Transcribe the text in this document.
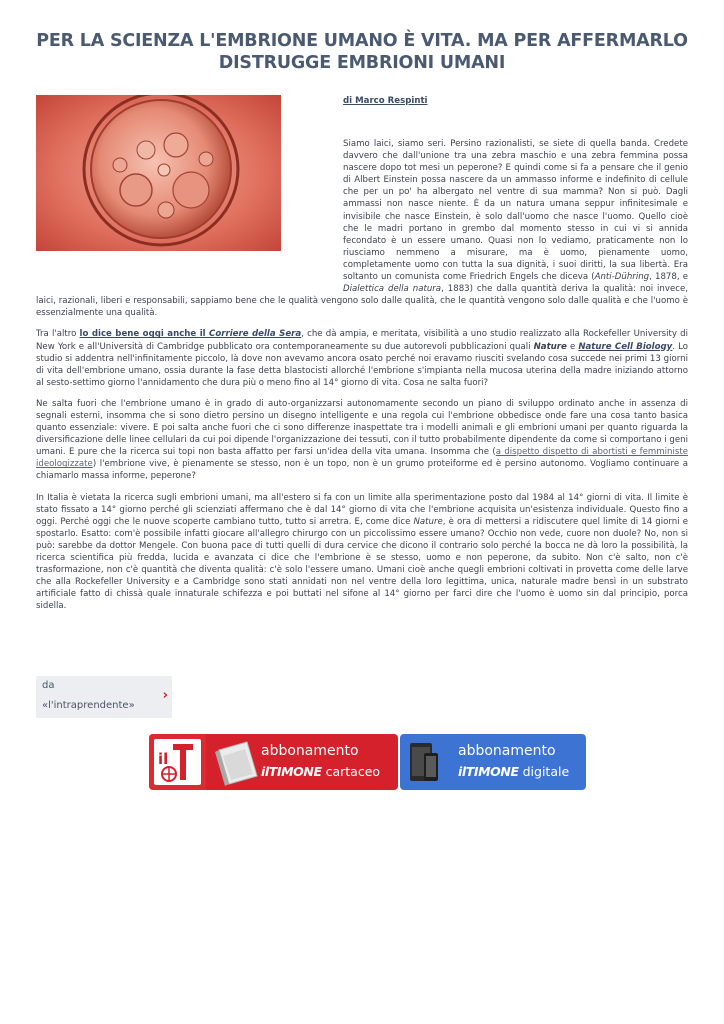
PER LA SCIENZA L'EMBRIONE UMANO È VITA. MA PER AFFERMARLO DISTRUGGE EMBRIONI UMANI
di Marco Respinti

Siamo laici, siamo seri. Persino razionalisti, se siete di quella banda. Credete davvero che dall'unione tra una zebra maschio e una zebra femmina possa nascere dopo tot mesi un peperone? E quindi come si fa a pensare che il genio di Albert Einstein possa nascere da un ammasso informe e indefinito di cellule che per un po' ha albergato nel ventre di sua mamma? Non si può. Dagli ammassi non nasce niente. È da un natura umana seppur infinitesimale e invisibile che nasce Einstein, è solo dall'uomo che nasce l'uomo. Quello cioè che le madri portano in grembo dal momento stesso in cui vi si annida fecondato è un essere umano. Quasi non lo vediamo, praticamente non lo riusciamo nemmeno a misurare, ma è uomo, pienamente uomo, completamente uomo con tutta la sua dignità, i suoi diritti, la sua libertà. Era soltanto un comunista come Friedrich Engels che diceva (Anti-Dühring, 1878, e Dialettica della natura, 1883) che dalla quantità deriva la qualità: noi invece, laici, razionali, liberi e responsabili, sappiamo bene che le qualità vengono solo dalle qualità, che le quantità vengono solo dalle qualità e che l'uomo è essenzialmente una qualità.

Tra l'altro lo dice bene oggi anche il Corriere della Sera, che dà ampia, e meritata, visibilità a uno studio realizzato alla Rockefeller University di New York e all'Università di Cambridge pubblicato ora contemporaneamente su due autorevoli pubblicazioni quali Nature e Nature Cell Biology. Lo studio si addentra nell'infinitamente piccolo, là dove non avevamo ancora osato perché noi eravamo riusciti svelando cosa succede nei primi 13 giorni di vita dell'embrione umano, ossia durante la fase detta blastocisti allorché l'embrione s'impianta nella mucosa uterina della madre iniziando attorno al sesto-settimo giorno l'annidamento che dura più o meno fino al 14° giorno di vita. Cosa ne salta fuori?

Ne salta fuori che l'embrione umano è in grado di auto-organizzarsi autonomamente secondo un piano di sviluppo ordinato anche in assenza di segnali esterni, insomma che si sono dietro persino un disegno intelligente e una regola cui l'embrione obbedisce onde fare una cosa tanto basica quanto essenziale: vivere. E poi salta anche fuori che ci sono differenze inaspettate tra i modelli animali e gli embrioni umani per quanto riguarda la diversificazione delle linee cellulari da cui poi dipende l'organizzazione dei tessuti, con il tutto probabilmente dipendente da come si comportano i geni umani. E pure che la ricerca sui topi non basta affatto per farsi un'idea della vita umana. Insomma che (a dispetto dispetto di abortisti e femministe ideologizzate) l'embrione vive, è pienamente se stesso, non è un topo, non è un grumo proteiforme ed è persino autonomo. Vogliamo continuare a chiamarlo massa informe, peperone?

In Italia è vietata la ricerca sugli embrioni umani, ma all'estero si fa con un limite alla sperimentazione posto dal 1984 al 14° giorni di vita. Il limite è stato fissato a 14° giorno perché gli scienziati affermano che è dal 14° giorno di vita che l'embrione acquisita un'esistenza individuale. Questo fino a oggi. Perché oggi che le nuove scoperte cambiano tutto, tutto si arretra. E, come dice Nature, è ora di mettersi a ridiscutere quel limite di 14 giorni e spostarlo. Esatto: com'è possibile infatti giocare all'allegro chirurgo con un piccolissimo essere umano? Occhio non vede, cuore non duole? No, non si può: sarebbe da dottor Mengele. Con buona pace di tutti quelli di dura cervice che dicono il contrario solo perché la bocca ne dà loro la possibilità, la ricerca scientifica più fredda, lucida e avanzata ci dice che l'embrione è se stesso, uomo e non peperone, da subito. Non c'è salto, non c'è trasformazione, non c'è quantità che diventa qualità: c'è solo l'essere umano. Umani cioè anche quegli embrioni coltivati in provetta come delle larve che alla Rockefeller University e a Cambridge sono stati annidati non nel ventre della loro legittima, unica, naturale madre bensì in un substrato artificiale fatto di chissà quale innaturale schifezza e poi buttati nel sifone al 14° giorno per farci dire che l'uomo è uomo sin dal principio, porca sidella.

da
«l'intraprendente»
›
il	abbonamento
ilTIMONE cartaceo
abbonamento
ilTIMONE digitale
